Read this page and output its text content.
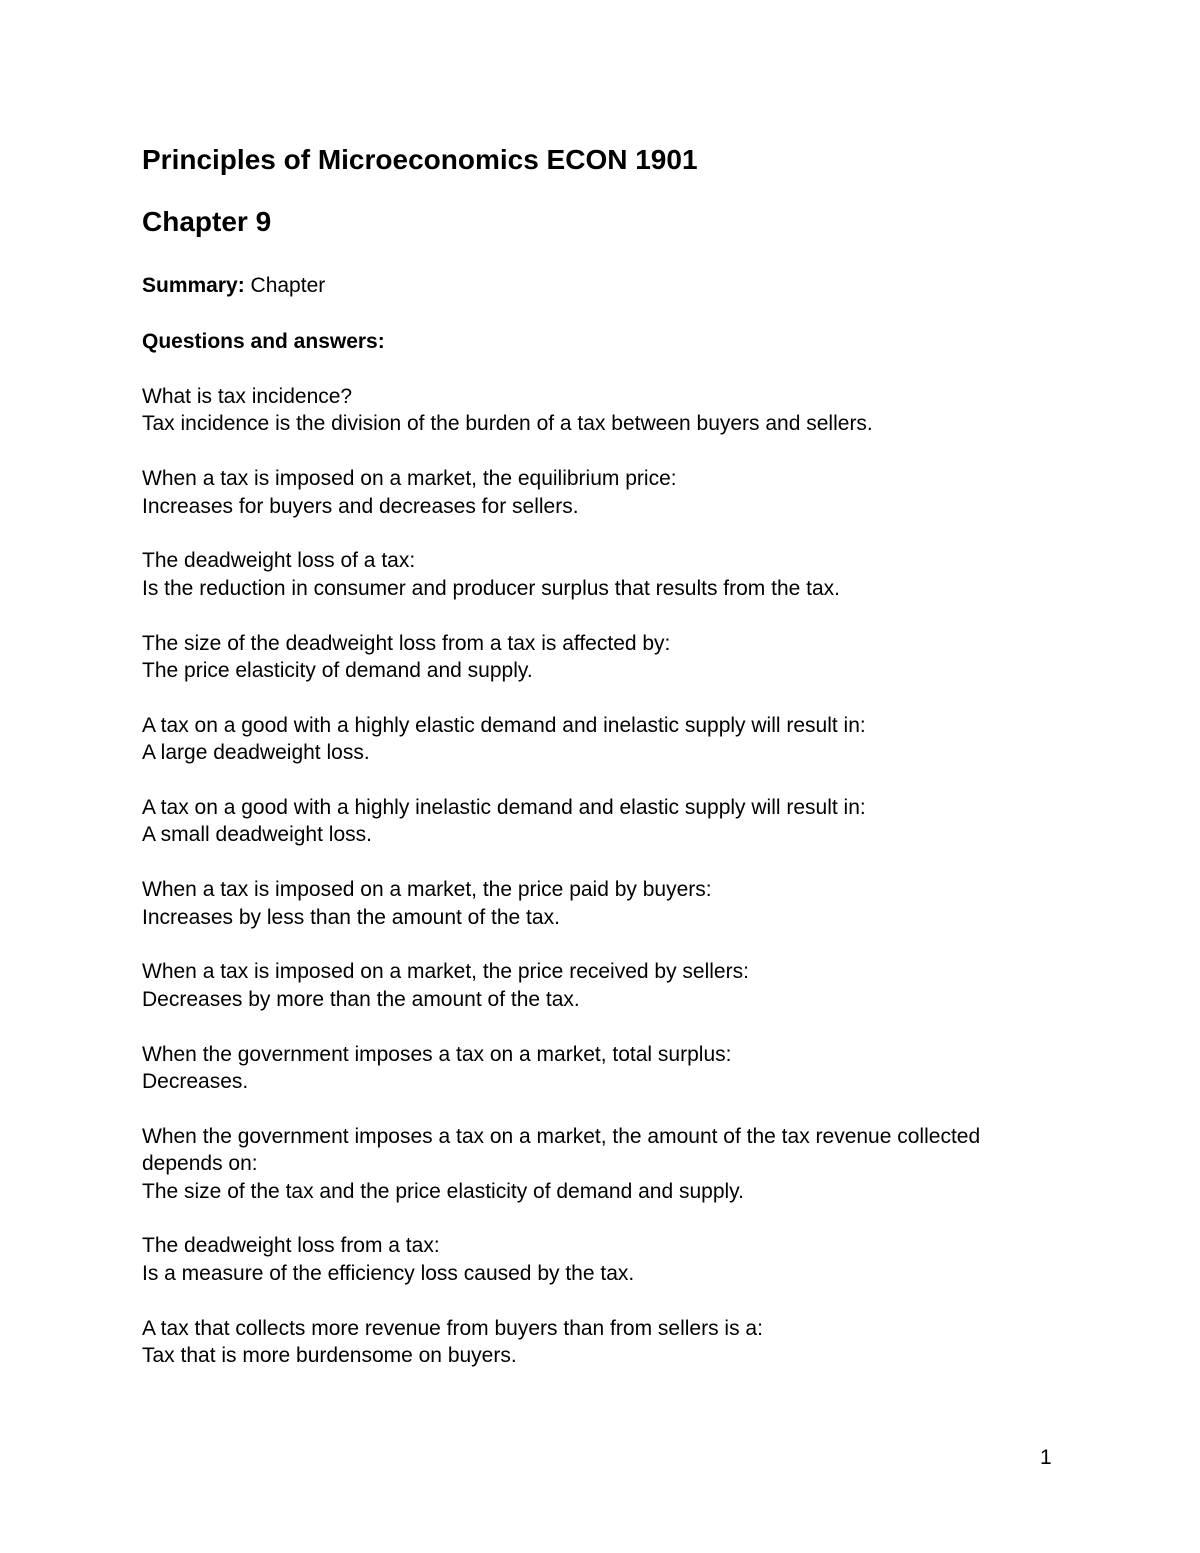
Principles of Microeconomics ECON 1901
Chapter 9
Summary: Chapter
Questions and answers:
What is tax incidence?
Tax incidence is the division of the burden of a tax between buyers and sellers.
When a tax is imposed on a market, the equilibrium price:
Increases for buyers and decreases for sellers.
The deadweight loss of a tax:
Is the reduction in consumer and producer surplus that results from the tax.
The size of the deadweight loss from a tax is affected by:
The price elasticity of demand and supply.
A tax on a good with a highly elastic demand and inelastic supply will result in:
A large deadweight loss.
A tax on a good with a highly inelastic demand and elastic supply will result in:
A small deadweight loss.
When a tax is imposed on a market, the price paid by buyers:
Increases by less than the amount of the tax.
When a tax is imposed on a market, the price received by sellers:
Decreases by more than the amount of the tax.
When the government imposes a tax on a market, total surplus:
Decreases.
When the government imposes a tax on a market, the amount of the tax revenue collected depends on:
The size of the tax and the price elasticity of demand and supply.
The deadweight loss from a tax:
Is a measure of the efficiency loss caused by the tax.
A tax that collects more revenue from buyers than from sellers is a:
Tax that is more burdensome on buyers.
1
